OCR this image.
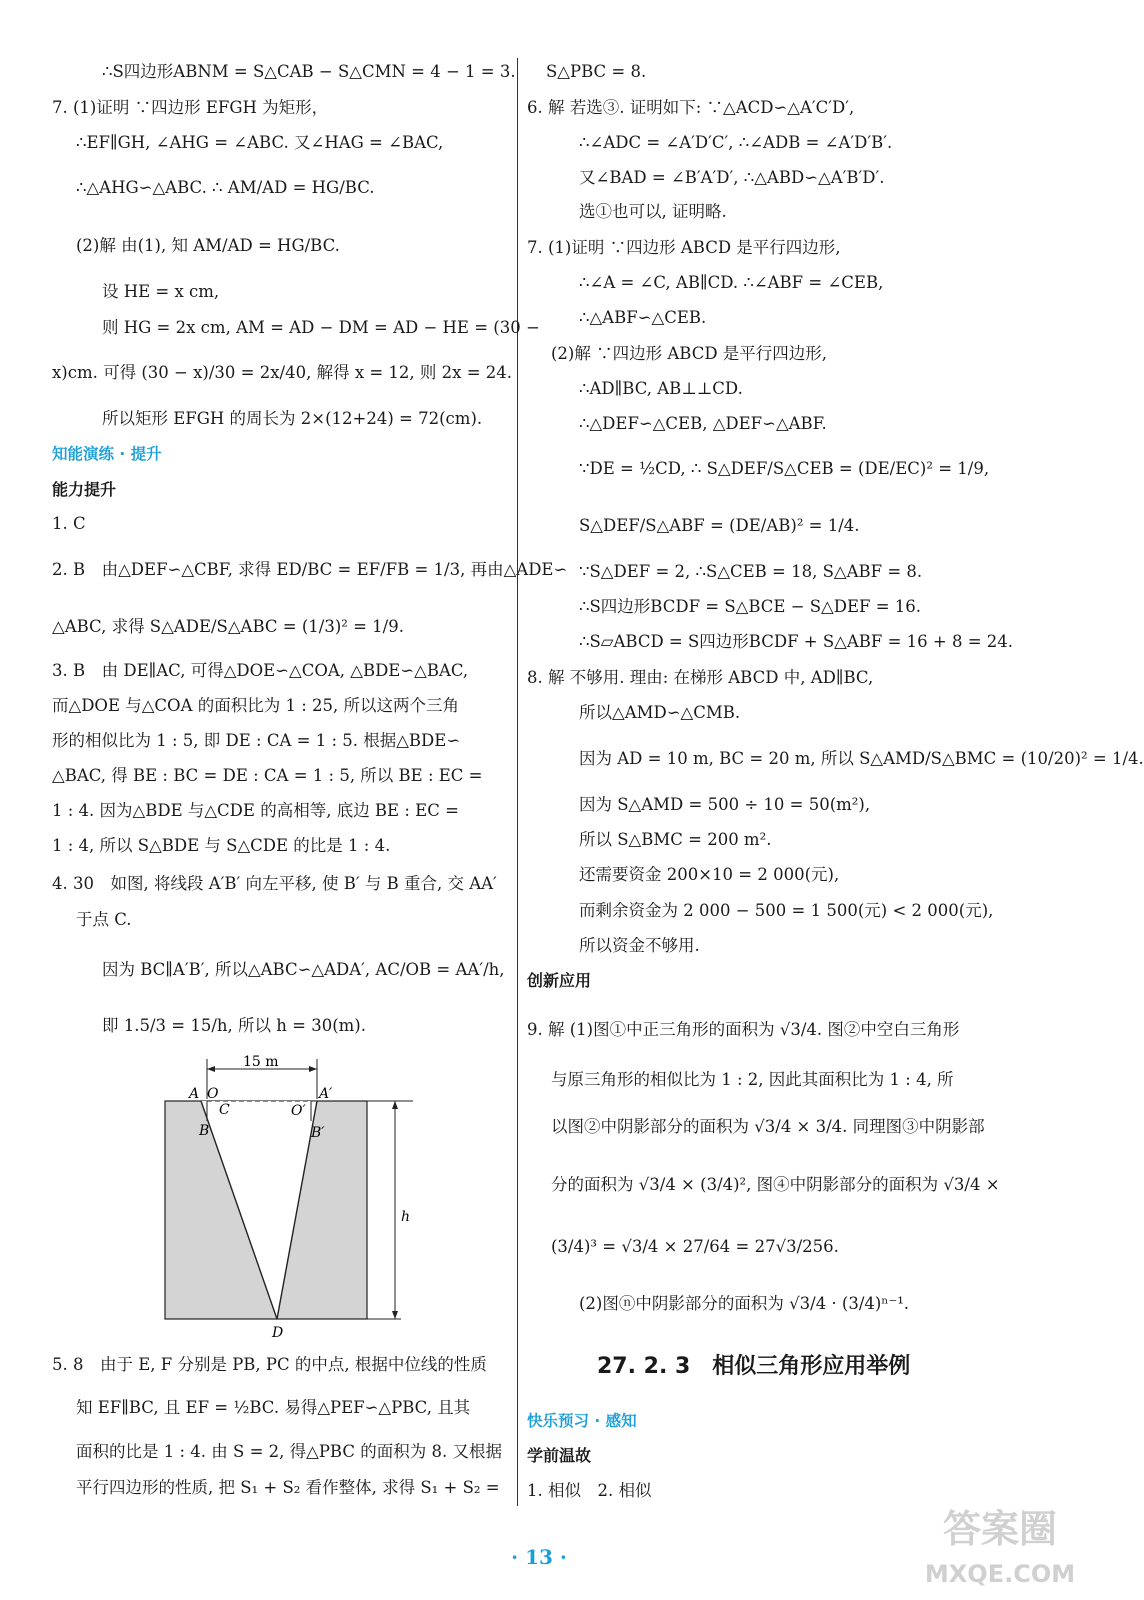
∴S四边形ABNM = S△CAB − S△CMN = 4 − 1 = 3.
7. (1)证明 ∵四边形 EFGH 为矩形，
∴EF∥GH, ∠AHG = ∠ABC. 又∠HAG = ∠BAC,
∴△AHG∽△ABC. ∴ AM/AD = HG/BC.
(2)解 由(1), 知 AM/AD = HG/BC.
设 HE = x cm,
则 HG = 2x cm, AM = AD − DM = AD − HE = (30 −
x)cm. 可得 (30 − x)/30 = 2x/40, 解得 x = 12, 则 2x = 24.
所以矩形 EFGH 的周长为 2×(12+24) = 72(cm).
知能演练 · 提升
能力提升
1. C
2. B　由△DEF∽△CBF, 求得 ED/BC = EF/FB = 1/3, 再由△ADE∽
△ABC, 求得 S△ADE/S△ABC = (1/3)² = 1/9.
3. B　由 DE∥AC, 可得△DOE∽△COA, △BDE∽△BAC,
而△DOE 与△COA 的面积比为 1 : 25, 所以这两个三角
形的相似比为 1 : 5, 即 DE : CA = 1 : 5. 根据△BDE∽
△BAC, 得 BE : BC = DE : CA = 1 : 5, 所以 BE : EC =
1 : 4. 因为△BDE 与△CDE 的高相等, 底边 BE : EC =
1 : 4, 所以 S△BDE 与 S△CDE 的比是 1 : 4.
4. 30　如图, 将线段 A′B′ 向左平移, 使 B′ 与 B 重合, 交 AA′
于点 C.
因为 BC∥A′B′, 所以△ABC∽△ADA′, AC/OB = AA′/h,
即 1.5/3 = 15/h, 所以 h = 30(m).
15 m
A O
C
B
O′
A′
B′
D
h
5. 8　由于 E, F 分别是 PB, PC 的中点, 根据中位线的性质
知 EF∥BC, 且 EF = ½BC. 易得△PEF∽△PBC, 且其
面积的比是 1 : 4. 由 S = 2, 得△PBC 的面积为 8. 又根据
平行四边形的性质, 把 S₁ + S₂ 看作整体, 求得 S₁ + S₂ =
S△PBC = 8.
6. 解 若选③. 证明如下: ∵△ACD∽△A′C′D′,
∴∠ADC = ∠A′D′C′, ∴∠ADB = ∠A′D′B′.
又∠BAD = ∠B′A′D′, ∴△ABD∽△A′B′D′.
选①也可以, 证明略.
7. (1)证明 ∵四边形 ABCD 是平行四边形,
∴∠A = ∠C, AB∥CD. ∴∠ABF = ∠CEB,
∴△ABF∽△CEB.
(2)解 ∵四边形 ABCD 是平行四边形,
∴AD∥BC, AB⊥⊥CD.
∴△DEF∽△CEB, △DEF∽△ABF.
∵DE = ½CD, ∴ S△DEF/S△CEB = (DE/EC)² = 1/9,
S△DEF/S△ABF = (DE/AB)² = 1/4.
∵S△DEF = 2, ∴S△CEB = 18, S△ABF = 8.
∴S四边形BCDF = S△BCE − S△DEF = 16.
∴S▱ABCD = S四边形BCDF + S△ABF = 16 + 8 = 24.
8. 解 不够用. 理由: 在梯形 ABCD 中, AD∥BC,
所以△AMD∽△CMB.
因为 AD = 10 m, BC = 20 m, 所以 S△AMD/S△BMC = (10/20)² = 1/4.
因为 S△AMD = 500 ÷ 10 = 50(m²),
所以 S△BMC = 200 m².
还需要资金 200×10 = 2 000(元),
而剩余资金为 2 000 − 500 = 1 500(元) < 2 000(元),
所以资金不够用.
创新应用
9. 解 (1)图①中正三角形的面积为 √3/4. 图②中空白三角形
与原三角形的相似比为 1 : 2, 因此其面积比为 1 : 4, 所
以图②中阴影部分的面积为 √3/4 × 3/4. 同理图③中阴影部
分的面积为 √3/4 × (3/4)², 图④中阴影部分的面积为 √3/4 ×
(3/4)³ = √3/4 × 27/64 = 27√3/256.
(2)图ⓝ中阴影部分的面积为 √3/4 · (3/4)ⁿ⁻¹.
27. 2. 3　相似三角形应用举例
快乐预习 · 感知
学前温故
1. 相似　2. 相似
· 13 ·
答案圈
MXQE.COM
